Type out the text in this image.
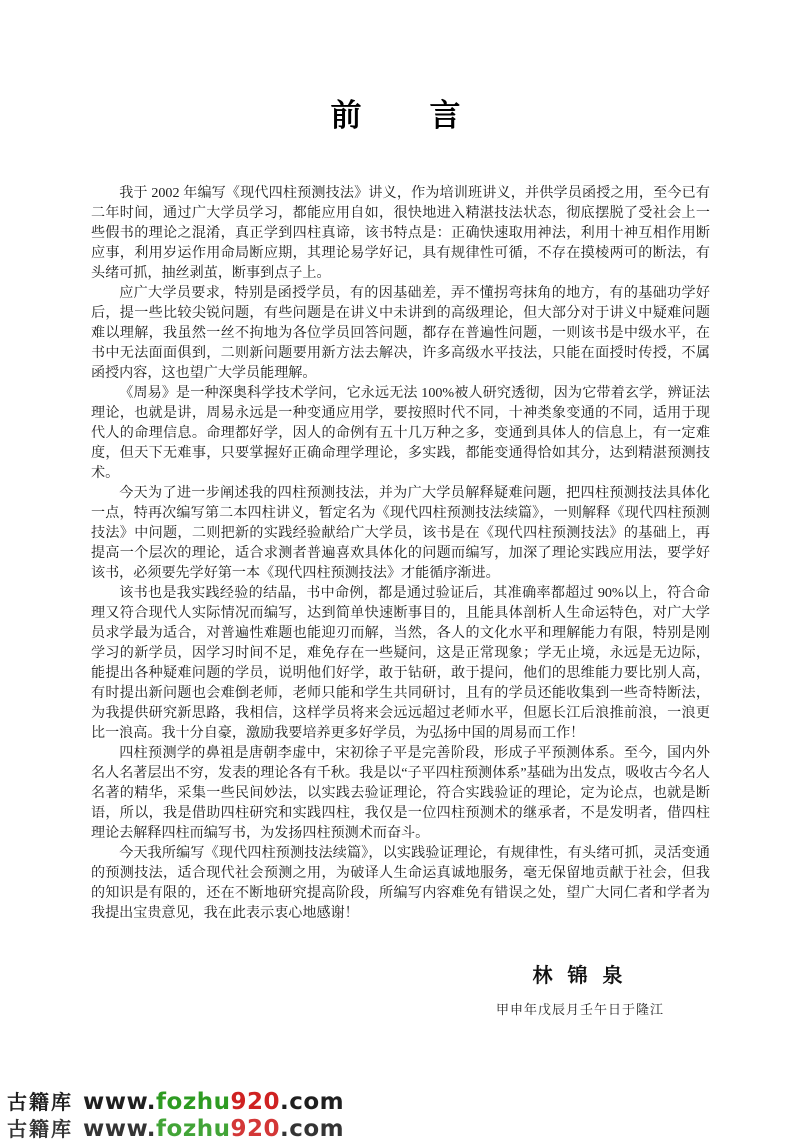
前　　言

我于 2002 年编写《现代四柱预测技法》讲义，作为培训班讲义，并供学员函授之用，至今已有二年时间，通过广大学员学习，都能应用自如，很快地进入精湛技法状态，彻底摆脱了受社会上一些假书的理论之混淆，真正学到四柱真谛，该书特点是：正确快速取用神法，利用十神互相作用断应事，利用岁运作用命局断应期，其理论易学好记，具有规律性可循，不存在摸棱两可的断法，有头绪可抓，抽丝剥茧，断事到点子上。

应广大学员要求，特别是函授学员，有的因基础差，弄不懂拐弯抹角的地方，有的基础功学好后，提一些比较尖锐问题，有些问题是在讲义中未讲到的高级理论，但大部分对于讲义中疑难问题难以理解，我虽然一丝不拘地为各位学员回答问题，都存在普遍性问题，一则该书是中级水平，在书中无法面面俱到，二则新问题要用新方法去解决，许多高级水平技法，只能在面授时传授，不属函授内容，这也望广大学员能理解。

《周易》是一种深奥科学技术学问，它永远无法 100%被人研究透彻，因为它带着玄学，辨证法理论，也就是讲，周易永远是一种变通应用学，要按照时代不同，十神类象变通的不同，适用于现代人的命理信息。命理都好学，因人的命例有五十几万种之多，变通到具体人的信息上，有一定难度，但天下无难事，只要掌握好正确命理学理论，多实践，都能变通得恰如其分，达到精湛预测技术。

今天为了进一步阐述我的四柱预测技法，并为广大学员解释疑难问题，把四柱预测技法具体化一点，特再次编写第二本四柱讲义，暂定名为《现代四柱预测技法续篇》，一则解释《现代四柱预测技法》中问题，二则把新的实践经验献给广大学员，该书是在《现代四柱预测技法》的基础上，再提高一个层次的理论，适合求测者普遍喜欢具体化的问题而编写，加深了理论实践应用法，要学好该书，必须要先学好第一本《现代四柱预测技法》才能循序渐进。

该书也是我实践经验的结晶，书中命例，都是通过验证后，其准确率都超过 90%以上，符合命理又符合现代人实际情况而编写，达到简单快速断事目的，且能具体剖析人生命运特色，对广大学员求学最为适合，对普遍性难题也能迎刃而解，当然，各人的文化水平和理解能力有限，特别是刚学习的新学员，因学习时间不足，难免存在一些疑问，这是正常现象；学无止境，永远是无边际，能提出各种疑难问题的学员，说明他们好学，敢于钻研，敢于提问，他们的思维能力要比别人高，有时提出新问题也会难倒老师，老师只能和学生共同研讨，且有的学员还能收集到一些奇特断法，为我提供研究新思路，我相信，这样学员将来会远远超过老师水平，但愿长江后浪推前浪，一浪更比一浪高。我十分自豪，激励我要培养更多好学员，为弘扬中国的周易而工作！

四柱预测学的鼻祖是唐朝李虚中，宋初徐子平是完善阶段，形成子平预测体系。至今，国内外名人名著层出不穷，发表的理论各有千秋。我是以“子平四柱预测体系”基础为出发点，吸收古今名人名著的精华，采集一些民间妙法，以实践去验证理论，符合实践验证的理论，定为论点，也就是断语，所以，我是借助四柱研究和实践四柱，我仅是一位四柱预测术的继承者，不是发明者，借四柱理论去解释四柱而编写书，为发扬四柱预测术而奋斗。

今天我所编写《现代四柱预测技法续篇》，以实践验证理论，有规律性，有头绪可抓，灵活变通的预测技法，适合现代社会预测之用，为破译人生命运真诚地服务，毫无保留地贡献于社会，但我的知识是有限的，还在不断地研究提高阶段，所编写内容难免有错误之处，望广大同仁者和学者为我提出宝贵意见，我在此表示衷心地感谢！

林 锦 泉
甲申年戊辰月壬午日于隆江
古籍库 www.fozhu920.com
古籍库 www.fozhu920.com
